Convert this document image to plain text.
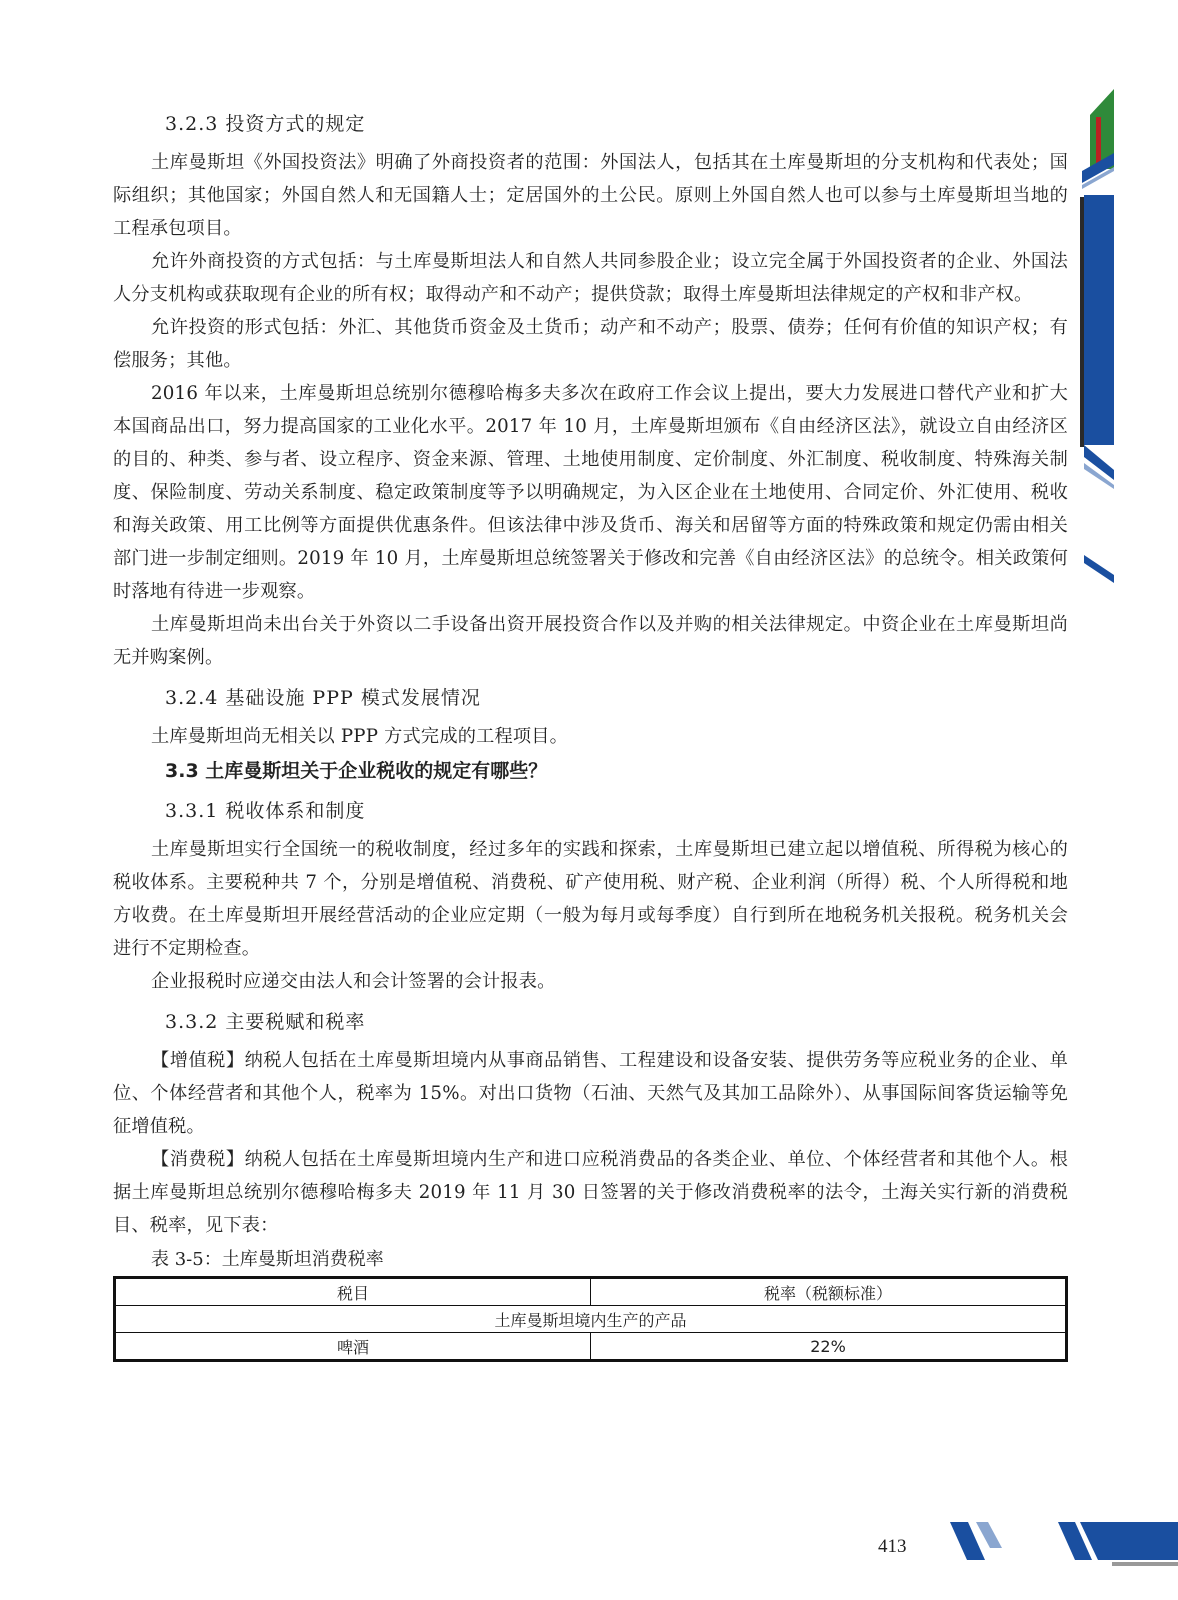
3.2.3 投资方式的规定

土库曼斯坦《外国投资法》明确了外商投资者的范围：外国法人，包括其在土库曼斯坦的分支机构和代表处；国际组织；其他国家；外国自然人和无国籍人士；定居国外的土公民。原则上外国自然人也可以参与土库曼斯坦当地的工程承包项目。

允许外商投资的方式包括：与土库曼斯坦法人和自然人共同参股企业；设立完全属于外国投资者的企业、外国法人分支机构或获取现有企业的所有权；取得动产和不动产；提供贷款；取得土库曼斯坦法律规定的产权和非产权。

允许投资的形式包括：外汇、其他货币资金及土货币；动产和不动产；股票、债券；任何有价值的知识产权；有偿服务；其他。

2016 年以来，土库曼斯坦总统别尔德穆哈梅多夫多次在政府工作会议上提出，要大力发展进口替代产业和扩大本国商品出口，努力提高国家的工业化水平。2017 年 10 月，土库曼斯坦颁布《自由经济区法》，就设立自由经济区的目的、种类、参与者、设立程序、资金来源、管理、土地使用制度、定价制度、外汇制度、税收制度、特殊海关制度、保险制度、劳动关系制度、稳定政策制度等予以明确规定，为入区企业在土地使用、合同定价、外汇使用、税收和海关政策、用工比例等方面提供优惠条件。但该法律中涉及货币、海关和居留等方面的特殊政策和规定仍需由相关部门进一步制定细则。2019 年 10 月，土库曼斯坦总统签署关于修改和完善《自由经济区法》的总统令。相关政策何时落地有待进一步观察。

土库曼斯坦尚未出台关于外资以二手设备出资开展投资合作以及并购的相关法律规定。中资企业在土库曼斯坦尚无并购案例。

3.2.4 基础设施 PPP 模式发展情况

土库曼斯坦尚无相关以 PPP 方式完成的工程项目。

3.3 土库曼斯坦关于企业税收的规定有哪些？
3.3.1 税收体系和制度

土库曼斯坦实行全国统一的税收制度，经过多年的实践和探索，土库曼斯坦已建立起以增值税、所得税为核心的税收体系。主要税种共 7 个，分别是增值税、消费税、矿产使用税、财产税、企业利润（所得）税、个人所得税和地方收费。在土库曼斯坦开展经营活动的企业应定期（一般为每月或每季度）自行到所在地税务机关报税。税务机关会进行不定期检查。

企业报税时应递交由法人和会计签署的会计报表。

3.3.2 主要税赋和税率

【增值税】纳税人包括在土库曼斯坦境内从事商品销售、工程建设和设备安装、提供劳务等应税业务的企业、单位、个体经营者和其他个人，税率为 15%。对出口货物（石油、天然气及其加工品除外）、从事国际间客货运输等免征增值税。

【消费税】纳税人包括在土库曼斯坦境内生产和进口应税消费品的各类企业、单位、个体经营者和其他个人。根据土库曼斯坦总统别尔德穆哈梅多夫 2019 年 11 月 30 日签署的关于修改消费税率的法令，土海关实行新的消费税目、税率，见下表：

表 3-5：土库曼斯坦消费税率
税目	税率（税额标准）
土库曼斯坦境内生产的产品	
啤酒	22%
413
